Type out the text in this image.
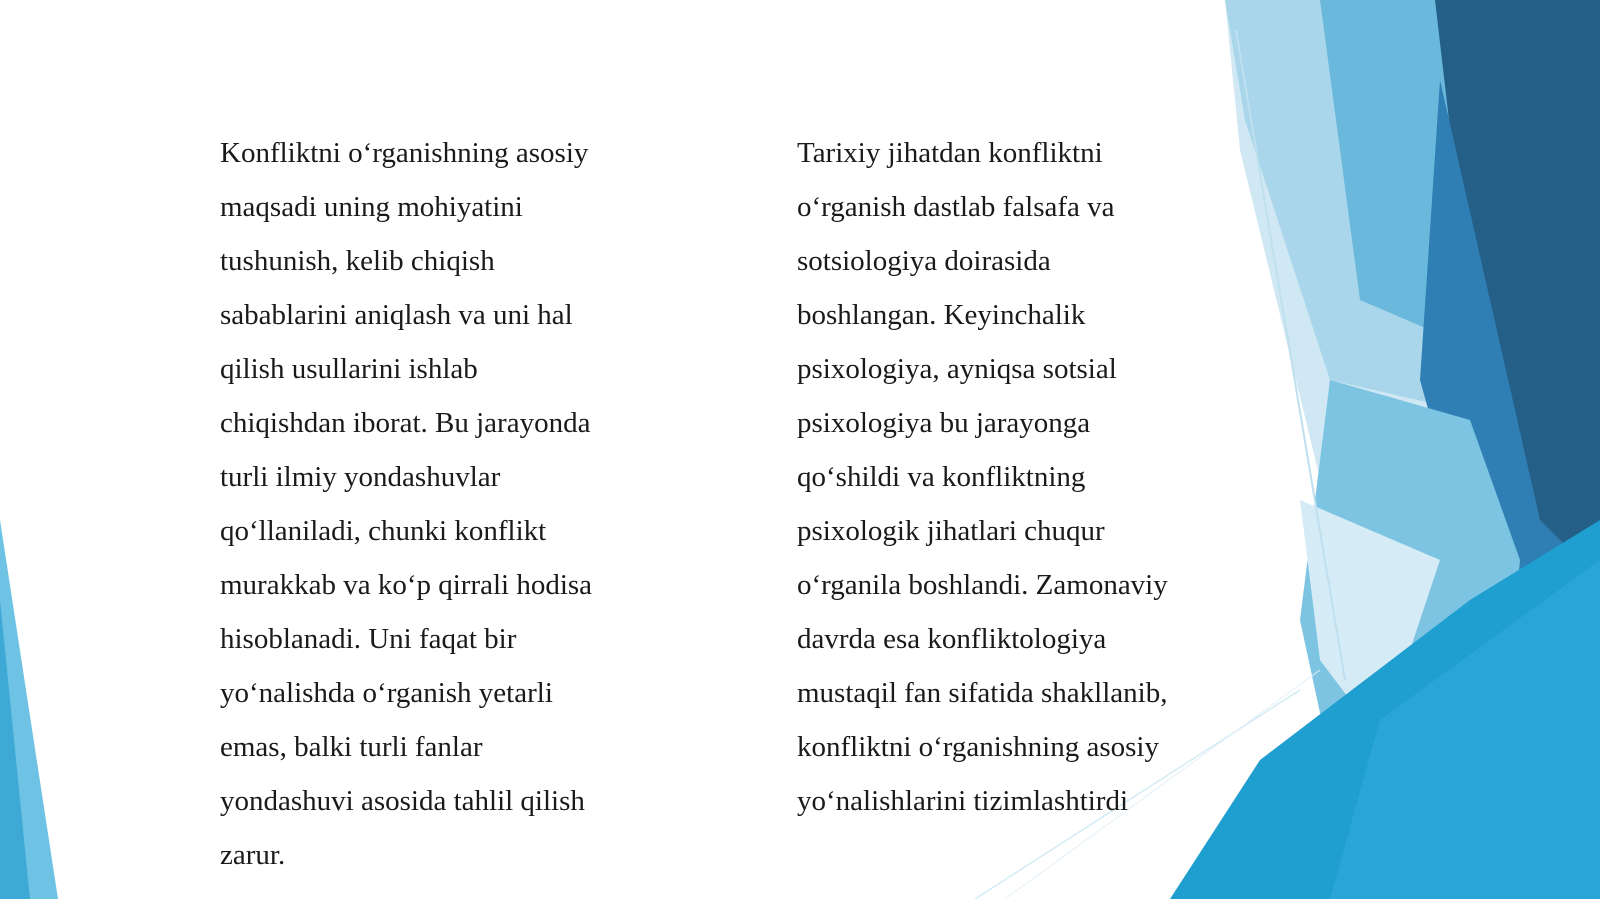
Konfliktni o‘rganishning asosiy
maqsadi uning mohiyatini
tushunish, kelib chiqish
sabablarini aniqlash va uni hal
qilish usullarini ishlab
chiqishdan iborat. Bu jarayonda
turli ilmiy yondashuvlar
qo‘llaniladi, chunki konflikt
murakkab va ko‘p qirrali hodisa
hisoblanadi. Uni faqat bir
yo‘nalishda o‘rganish yetarli
emas, balki turli fanlar
yondashuvi asosida tahlil qilish
zarur.
Tarixiy jihatdan konfliktni
o‘rganish dastlab falsafa va
sotsiologiya doirasida
boshlangan. Keyinchalik
psixologiya, ayniqsa sotsial
psixologiya bu jarayonga
qo‘shildi va konfliktning
psixologik jihatlari chuqur
o‘rganila boshlandi. Zamonaviy
davrda esa konfliktologiya
mustaqil fan sifatida shakllanib,
konfliktni o‘rganishning asosiy
yo‘nalishlarini tizimlashtirdi
